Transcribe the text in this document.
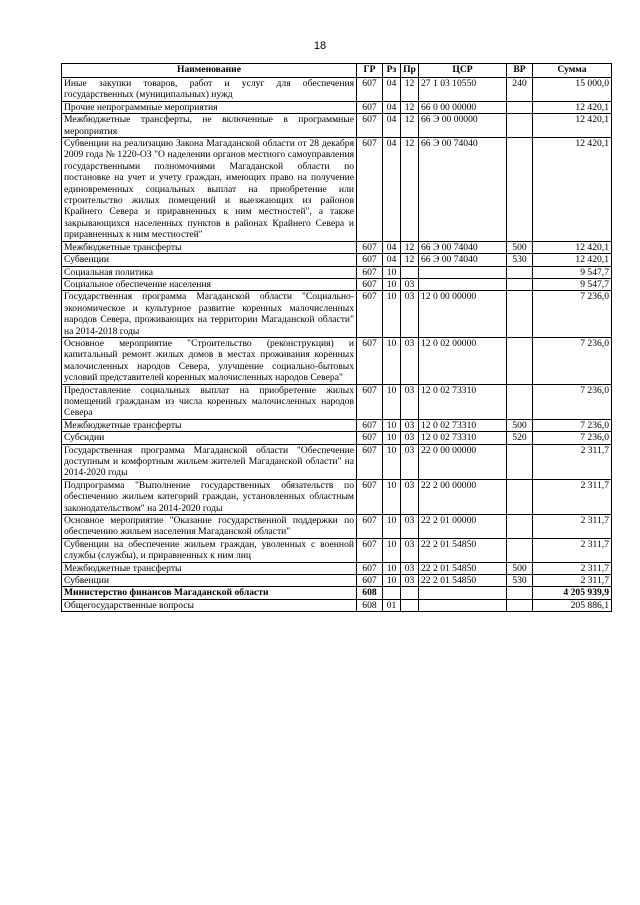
18
Наименование	ГР	Рз	Пр	ЦСР	ВР	Сумма
Иные закупки товаров, работ и услуг для обеспечения государственных (муниципальных) нужд	607	04	12	27 1 03 10550	240	15 000,0
Прочие непрограммные мероприятия	607	04	12	66 0 00 00000		12 420,1
Межбюджетные трансферты, не включенные в программные мероприятия	607	04	12	66 Э 00 00000		12 420,1
Субвенции на реализацию Закона Магаданской области от 28 декабря 2009 года № 1220-ОЗ "О наделении органов местного самоуправления государственными полномочиями Магаданской области по постановке на учет и учету граждан, имеющих право на получение единовременных социальных выплат на приобретение или строительство жилых помещений и выезжающих из районов Крайнего Севера и приравненных к ним местностей", а также закрывающихся населенных пунктов в районах Крайнего Севера и приравненных к ним местностей"	607	04	12	66 Э 00 74040		12 420,1
Межбюджетные трансферты	607	04	12	66 Э 00 74040	500	12 420,1
Субвенции	607	04	12	66 Э 00 74040	530	12 420,1
Социальная политика	607	10				9 547,7
Социальное обеспечение населения	607	10	03			9 547,7
Государственная программа Магаданской области "Социально-экономическое и культурное развитие коренных малочисленных народов Севера, проживающих на территории Магаданской области" на 2014-2018 годы	607	10	03	12 0 00 00000		7 236,0
Основное мероприятие "Строительство (реконструкция) и капитальный ремонт жилых домов в местах проживания коренных малочисленных народов Севера, улучшение социально-бытовых условий представителей коренных малочисленных народов Севера"	607	10	03	12 0 02 00000		7 236,0
Предоставление социальных выплат на приобретение жилых помещений гражданам из числа коренных малочисленных народов Севера	607	10	03	12 0 02 73310		7 236,0
Межбюджетные трансферты	607	10	03	12 0 02 73310	500	7 236,0
Субсидии	607	10	03	12 0 02 73310	520	7 236,0
Государственная программа Магаданской области "Обеспечение доступным и комфортным жильем жителей Магаданской области" на 2014-2020 годы	607	10	03	22 0 00 00000		2 311,7
Подпрограмма "Выполнение государственных обязательств по обеспечению жильем категорий граждан, установленных областным законодательством" на 2014-2020 годы	607	10	03	22 2 00 00000		2 311,7
Основное мероприятие "Оказание государственной поддержки по обеспечению жильем населения Магаданской области"	607	10	03	22 2 01 00000		2 311,7
Субвенции на обеспечение жильем граждан, уволенных с военной службы (службы), и приравненных к ним лиц	607	10	03	22 2 01 54850		2 311,7
Межбюджетные трансферты	607	10	03	22 2 01 54850	500	2 311,7
Субвенции	607	10	03	22 2 01 54850	530	2 311,7
Министерство финансов Магаданской области	608					4 205 939,9
Общегосударственные вопросы	608	01				205 886,1
